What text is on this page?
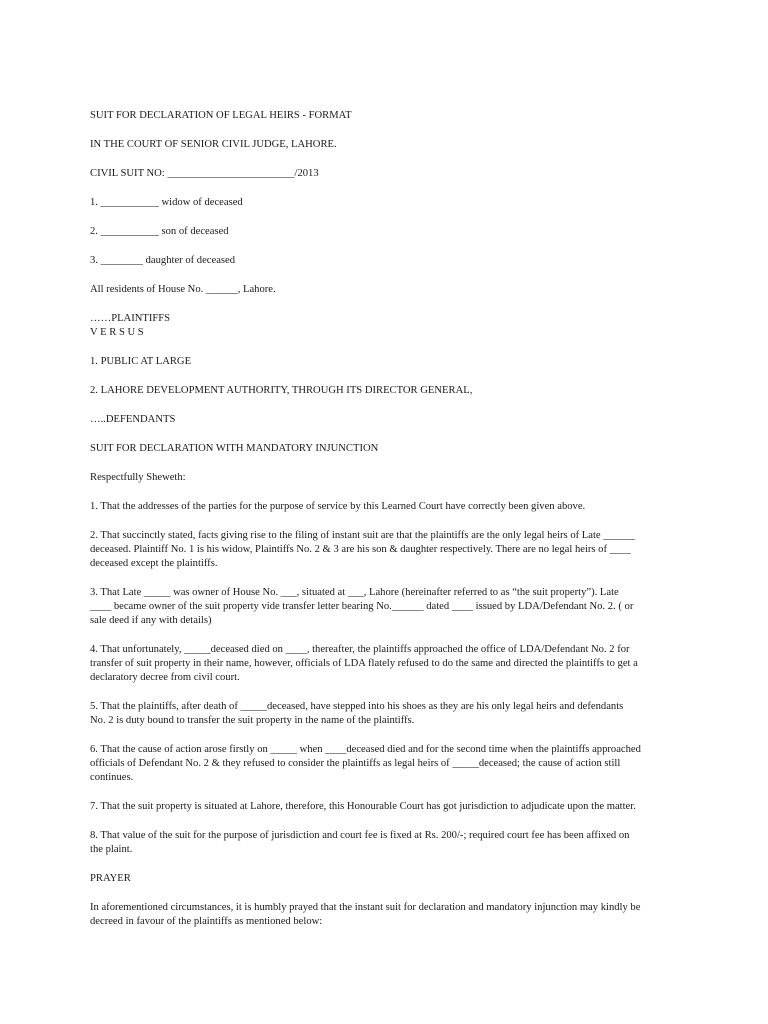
SUIT FOR DECLARATION OF LEGAL HEIRS - FORMAT

IN THE COURT OF SENIOR CIVIL JUDGE, LAHORE.

CIVIL SUIT NO: ________________________/2013

1. ___________ widow of deceased

2. ___________ son of deceased

3. ________ daughter of deceased

All residents of House No. ______, Lahore.

……PLAINTIFFS

V E R S U S

1. PUBLIC AT LARGE

2. LAHORE DEVELOPMENT AUTHORITY, THROUGH ITS DIRECTOR GENERAL,

…..DEFENDANTS

SUIT FOR DECLARATION WITH MANDATORY INJUNCTION

Respectfully Sheweth:

1. That the addresses of the parties for the purpose of service by this Learned Court have correctly been given above.

2. That succinctly stated, facts giving rise to the filing of instant suit are that the plaintiffs are the only legal heirs of Late ______
deceased. Plaintiff No. 1 is his widow, Plaintiffs No. 2 & 3 are his son & daughter respectively. There are no legal heirs of ____
deceased except the plaintiffs.

3. That Late _____ was owner of House No. ___, situated at ___, Lahore (hereinafter referred to as “the suit property”). Late
____ became owner of the suit property vide transfer letter bearing No.______ dated ____ issued by LDA/Defendant No. 2. ( or
sale deed if any with details)

4. That unfortunately, _____deceased died on ____, thereafter, the plaintiffs approached the office of LDA/Defendant No. 2 for
transfer of suit property in their name, however, officials of LDA flately refused to do the same and directed the plaintiffs to get a
declaratory decree from civil court.

5. That the plaintiffs, after death of _____deceased, have stepped into his shoes as they are his only legal heirs and defendants
No. 2 is duty bound to transfer the suit property in the name of the plaintiffs.

6. That the cause of action arose firstly on _____ when ____deceased died and for the second time when the plaintiffs approached
officials of Defendant No. 2 & they refused to consider the plaintiffs as legal heirs of _____deceased; the cause of action still
continues.

7. That the suit property is situated at Lahore, therefore, this Honourable Court has got jurisdiction to adjudicate upon the matter.

8. That value of the suit for the purpose of jurisdiction and court fee is fixed at Rs. 200/-; required court fee has been affixed on
the plaint.

PRAYER

In aforementioned circumstances, it is humbly prayed that the instant suit for declaration and mandatory injunction may kindly be
decreed in favour of the plaintiffs as mentioned below:
